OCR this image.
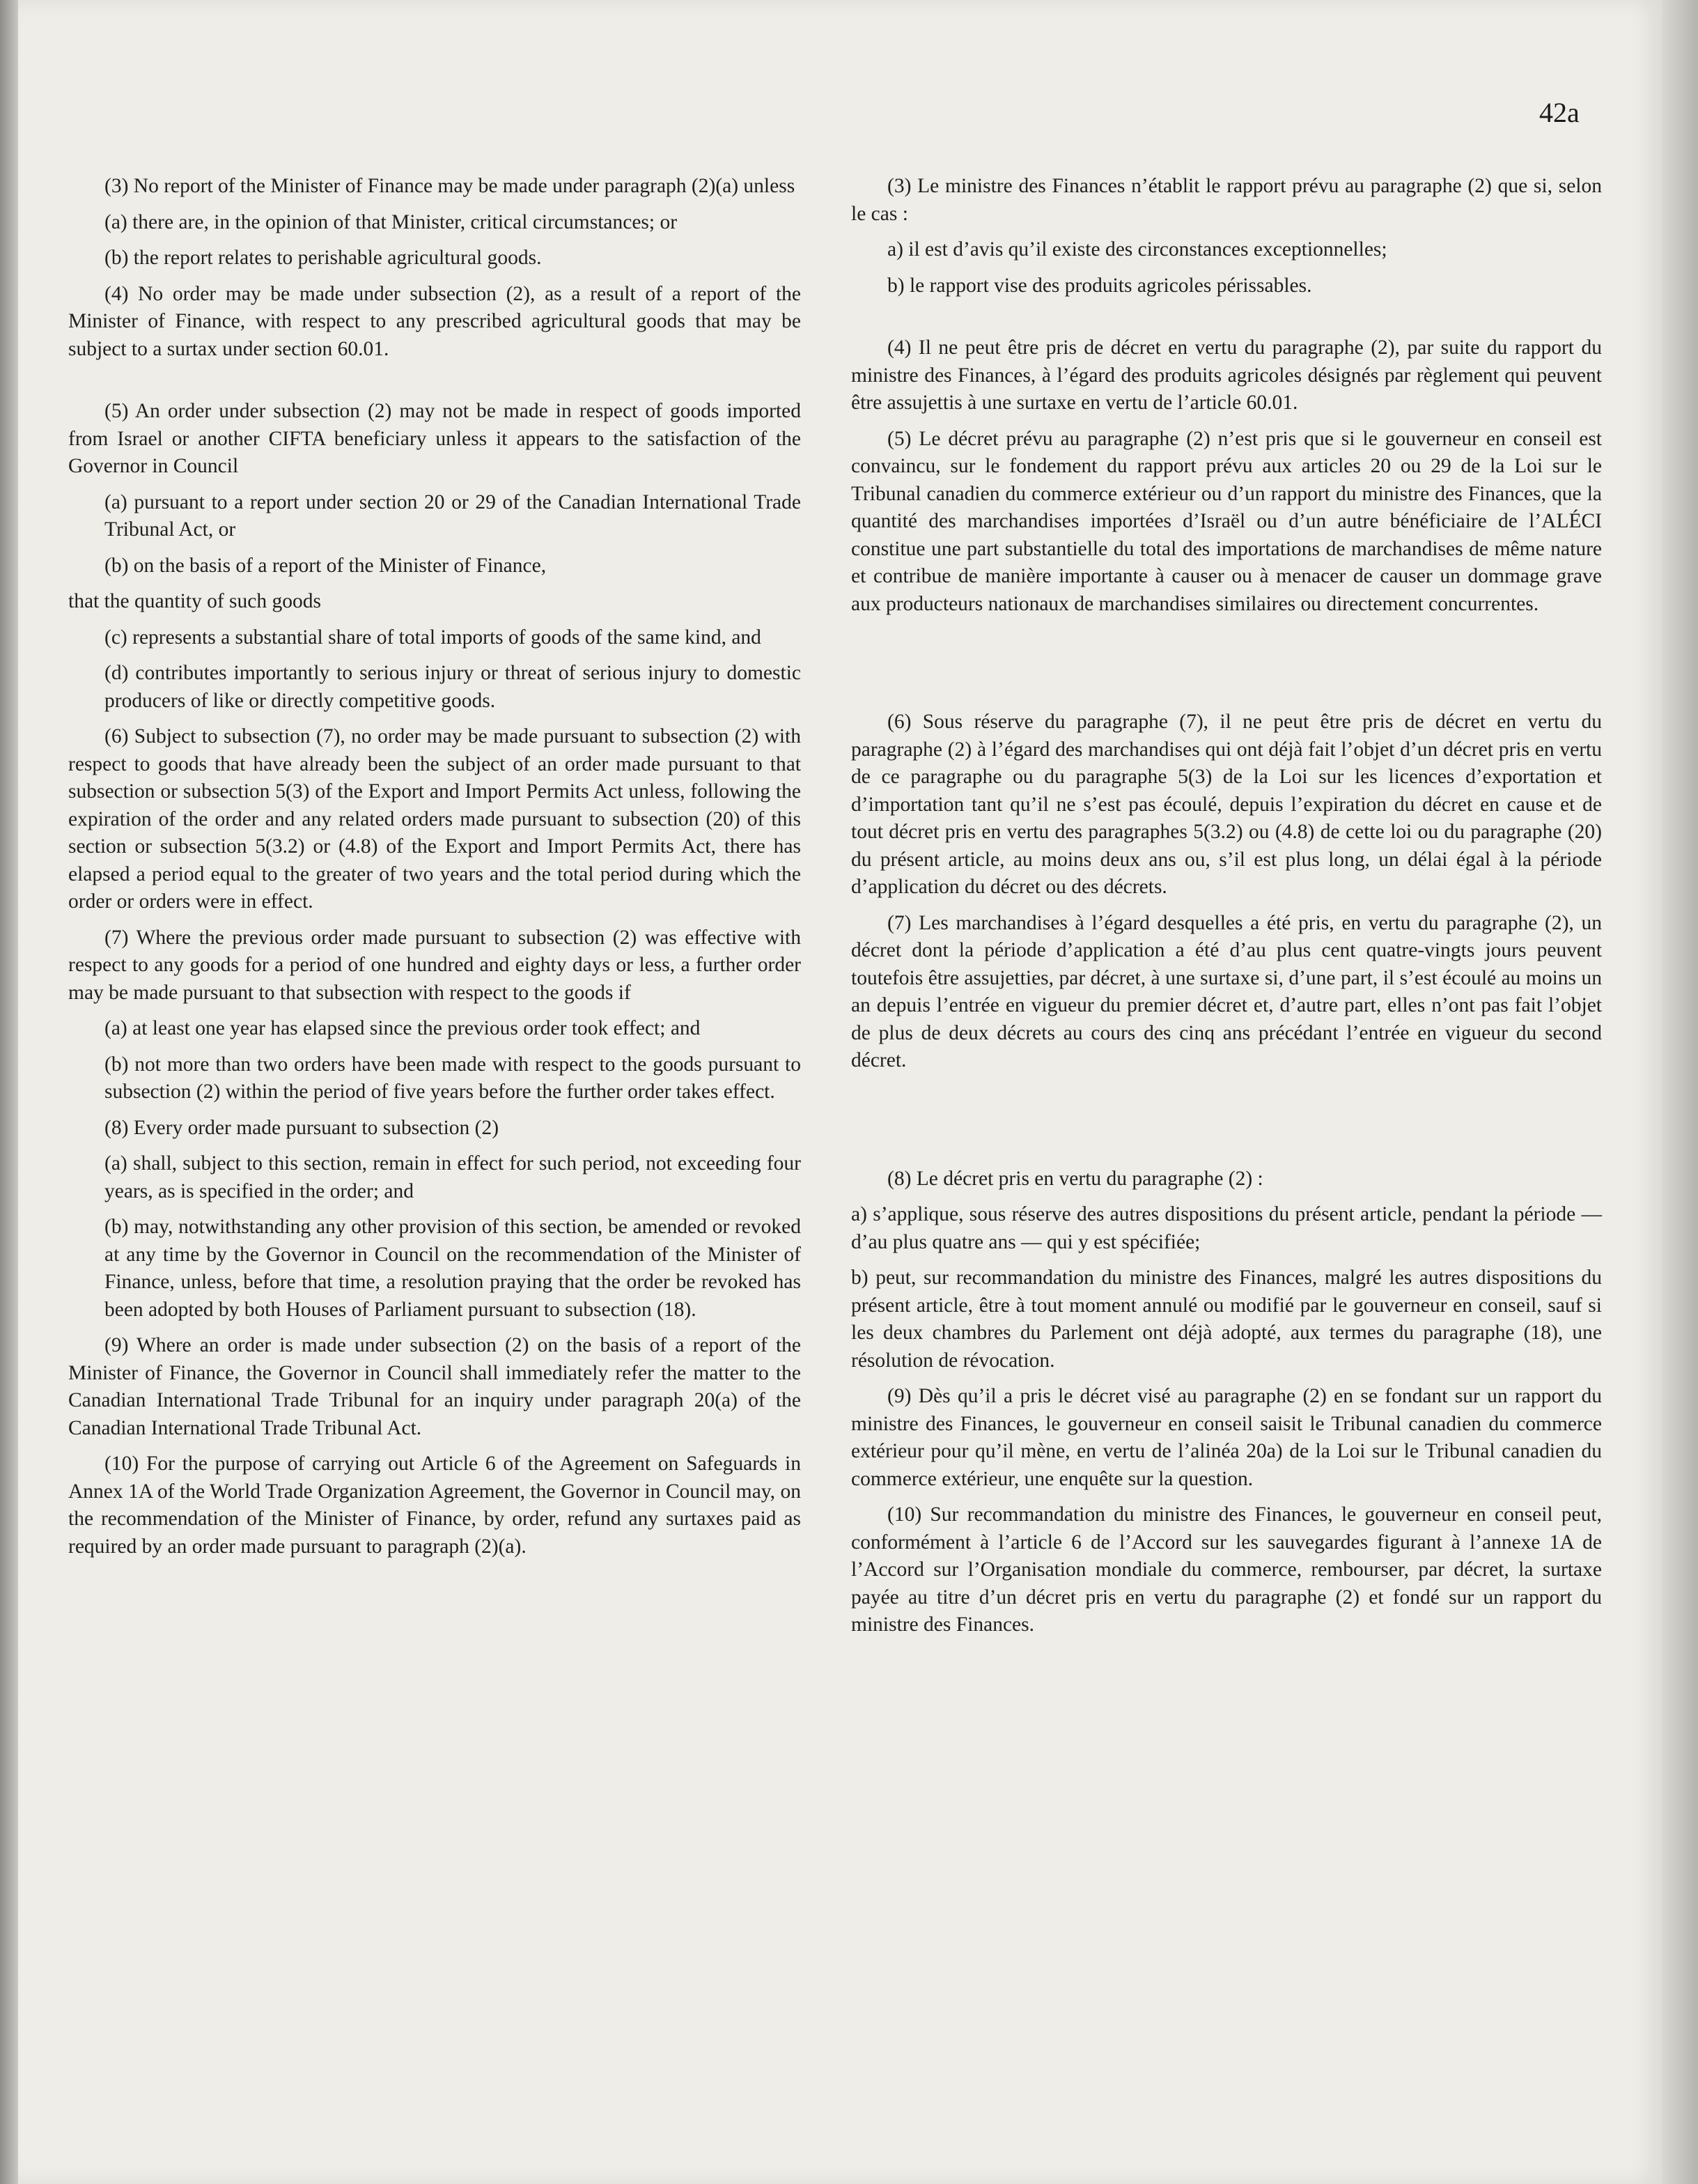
42a

(3) No report of the Minister of Finance may be made under paragraph (2)(a) unless

(a) there are, in the opinion of that Minister, critical circumstances; or

(b) the report relates to perishable agricultural goods.

(4) No order may be made under subsection (2), as a result of a report of the Minister of Finance, with respect to any prescribed agricultural goods that may be subject to a surtax under section 60.01.

(5) An order under subsection (2) may not be made in respect of goods imported from Israel or another CIFTA beneficiary unless it appears to the satisfaction of the Governor in Council

(a) pursuant to a report under section 20 or 29 of the Canadian International Trade Tribunal Act, or

(b) on the basis of a report of the Minister of Finance,

that the quantity of such goods

(c) represents a substantial share of total imports of goods of the same kind, and

(d) contributes importantly to serious injury or threat of serious injury to domestic producers of like or directly competitive goods.

(6) Subject to subsection (7), no order may be made pursuant to subsection (2) with respect to goods that have already been the subject of an order made pursuant to that subsection or subsection 5(3) of the Export and Import Permits Act unless, following the expiration of the order and any related orders made pursuant to subsection (20) of this section or subsection 5(3.2) or (4.8) of the Export and Import Permits Act, there has elapsed a period equal to the greater of two years and the total period during which the order or orders were in effect.

(7) Where the previous order made pursuant to subsection (2) was effective with respect to any goods for a period of one hundred and eighty days or less, a further order may be made pursuant to that subsection with respect to the goods if

(a) at least one year has elapsed since the previous order took effect; and

(b) not more than two orders have been made with respect to the goods pursuant to subsection (2) within the period of five years before the further order takes effect.

(8) Every order made pursuant to subsection (2)

(a) shall, subject to this section, remain in effect for such period, not exceeding four years, as is specified in the order; and

(b) may, notwithstanding any other provision of this section, be amended or revoked at any time by the Governor in Council on the recommendation of the Minister of Finance, unless, before that time, a resolution praying that the order be revoked has been adopted by both Houses of Parliament pursuant to subsection (18).

(9) Where an order is made under subsection (2) on the basis of a report of the Minister of Finance, the Governor in Council shall immediately refer the matter to the Canadian International Trade Tribunal for an inquiry under paragraph 20(a) of the Canadian International Trade Tribunal Act.

(10) For the purpose of carrying out Article 6 of the Agreement on Safeguards in Annex 1A of the World Trade Organization Agreement, the Governor in Council may, on the recommendation of the Minister of Finance, by order, refund any surtaxes paid as required by an order made pursuant to paragraph (2)(a).

(3) Le ministre des Finances n’établit le rapport prévu au paragraphe (2) que si, selon le cas :

a) il est d’avis qu’il existe des circonstances exceptionnelles;

b) le rapport vise des produits agricoles périssables.

(4) Il ne peut être pris de décret en vertu du paragraphe (2), par suite du rapport du ministre des Finances, à l’égard des produits agricoles désignés par règlement qui peuvent être assujettis à une surtaxe en vertu de l’article 60.01.

(5) Le décret prévu au paragraphe (2) n’est pris que si le gouverneur en conseil est convaincu, sur le fondement du rapport prévu aux articles 20 ou 29 de la Loi sur le Tribunal canadien du commerce extérieur ou d’un rapport du ministre des Finances, que la quantité des marchandises importées d’Israël ou d’un autre bénéficiaire de l’ALÉCI constitue une part substantielle du total des importations de marchandises de même nature et contribue de manière importante à causer ou à menacer de causer un dommage grave aux producteurs nationaux de marchandises similaires ou directement concurrentes.

(6) Sous réserve du paragraphe (7), il ne peut être pris de décret en vertu du paragraphe (2) à l’égard des marchandises qui ont déjà fait l’objet d’un décret pris en vertu de ce paragraphe ou du paragraphe 5(3) de la Loi sur les licences d’exportation et d’importation tant qu’il ne s’est pas écoulé, depuis l’expiration du décret en cause et de tout décret pris en vertu des paragraphes 5(3.2) ou (4.8) de cette loi ou du paragraphe (20) du présent article, au moins deux ans ou, s’il est plus long, un délai égal à la période d’application du décret ou des décrets.

(7) Les marchandises à l’égard desquelles a été pris, en vertu du paragraphe (2), un décret dont la période d’application a été d’au plus cent quatre-vingts jours peuvent toutefois être assujetties, par décret, à une surtaxe si, d’une part, il s’est écoulé au moins un an depuis l’entrée en vigueur du premier décret et, d’autre part, elles n’ont pas fait l’objet de plus de deux décrets au cours des cinq ans précédant l’entrée en vigueur du second décret.

(8) Le décret pris en vertu du paragraphe (2) :

a) s’applique, sous réserve des autres dispositions du présent article, pendant la période — d’au plus quatre ans — qui y est spécifiée;

b) peut, sur recommandation du ministre des Finances, malgré les autres dispositions du présent article, être à tout moment annulé ou modifié par le gouverneur en conseil, sauf si les deux chambres du Parlement ont déjà adopté, aux termes du paragraphe (18), une résolution de révocation.

(9) Dès qu’il a pris le décret visé au paragraphe (2) en se fondant sur un rapport du ministre des Finances, le gouverneur en conseil saisit le Tribunal canadien du commerce extérieur pour qu’il mène, en vertu de l’alinéa 20a) de la Loi sur le Tribunal canadien du commerce extérieur, une enquête sur la question.

(10) Sur recommandation du ministre des Finances, le gouverneur en conseil peut, conformément à l’article 6 de l’Accord sur les sauvegardes figurant à l’annexe 1A de l’Accord sur l’Organisation mondiale du commerce, rembourser, par décret, la surtaxe payée au titre d’un décret pris en vertu du paragraphe (2) et fondé sur un rapport du ministre des Finances.
